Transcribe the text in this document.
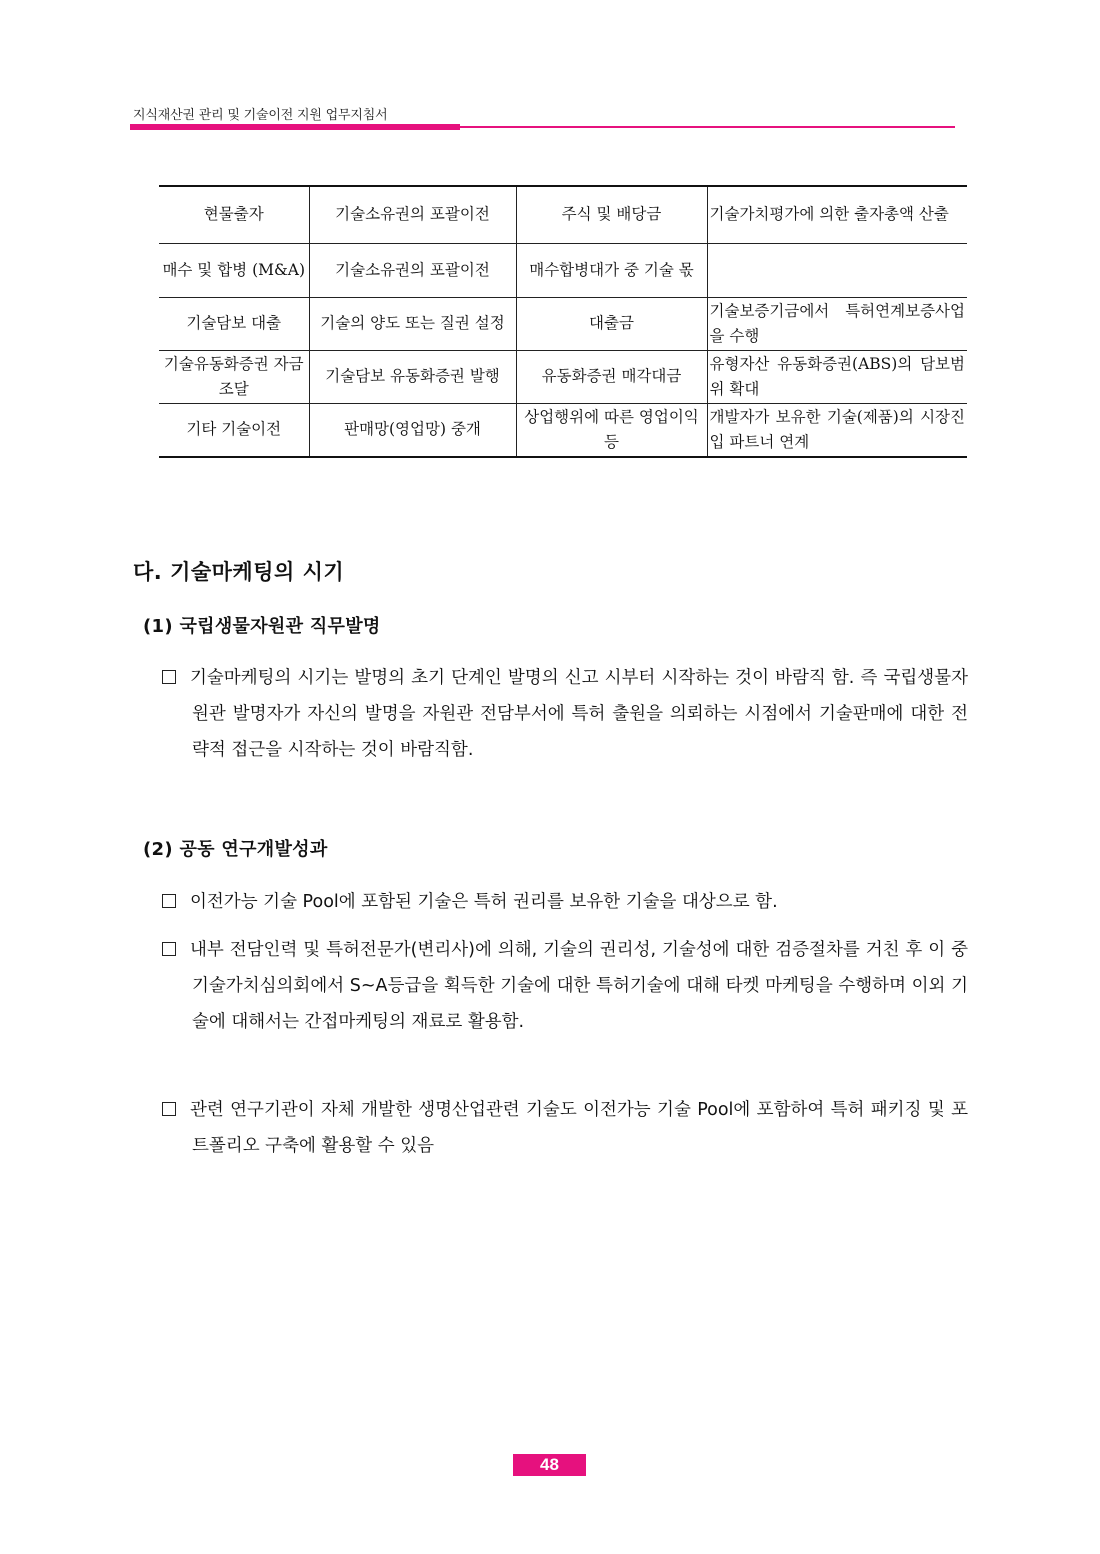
지식재산권 관리 및 기술이전 지원 업무지침서
현물출자	기술소유권의 포괄이전	주식 및 배당금	기술가치평가에 의한 출자총액 산출

매수 및 합병 (M&A)	기술소유권의 포괄이전	매수합병대가 중 기술 몫	

기술담보 대출	기술의 양도 또는 질권 설정	대출금	기술보증기금에서 특허연계보증사업을 수행

기술유동화증권 자금조달	기술담보 유동화증권 발행	유동화증권 매각대금	유형자산 유동화증권(ABS)의 담보범위 확대

기타 기술이전	판매망(영업망) 중개	상업행위에 따른 영업이익 등	개발자가 보유한 기술(제품)의 시장진입 파트너 연계
다. 기술마케팅의 시기
(1) 국립생물자원관 직무발명
기술마케팅의 시기는 발명의 초기 단계인 발명의 신고 시부터 시작하는 것이 바람직 함. 즉 국립생물자원관 발명자가 자신의 발명을 자원관 전담부서에 특허 출원을 의뢰하는 시점에서 기술판매에 대한 전략적 접근을 시작하는 것이 바람직함.
(2) 공동 연구개발성과
이전가능 기술 Pool에 포함된 기술은 특허 권리를 보유한 기술을 대상으로 함.
내부 전담인력 및 특허전문가(변리사)에 의해, 기술의 권리성, 기술성에 대한 검증절차를 거친 후 이 중 기술가치심의회에서 S~A등급을 획득한 기술에 대한 특허기술에 대해 타켓 마케팅을 수행하며 이외 기술에 대해서는 간접마케팅의 재료로 활용함.
관련 연구기관이 자체 개발한 생명산업관련 기술도 이전가능 기술 Pool에 포함하여 특허 패키징 및 포트폴리오 구축에 활용할 수 있음
48
